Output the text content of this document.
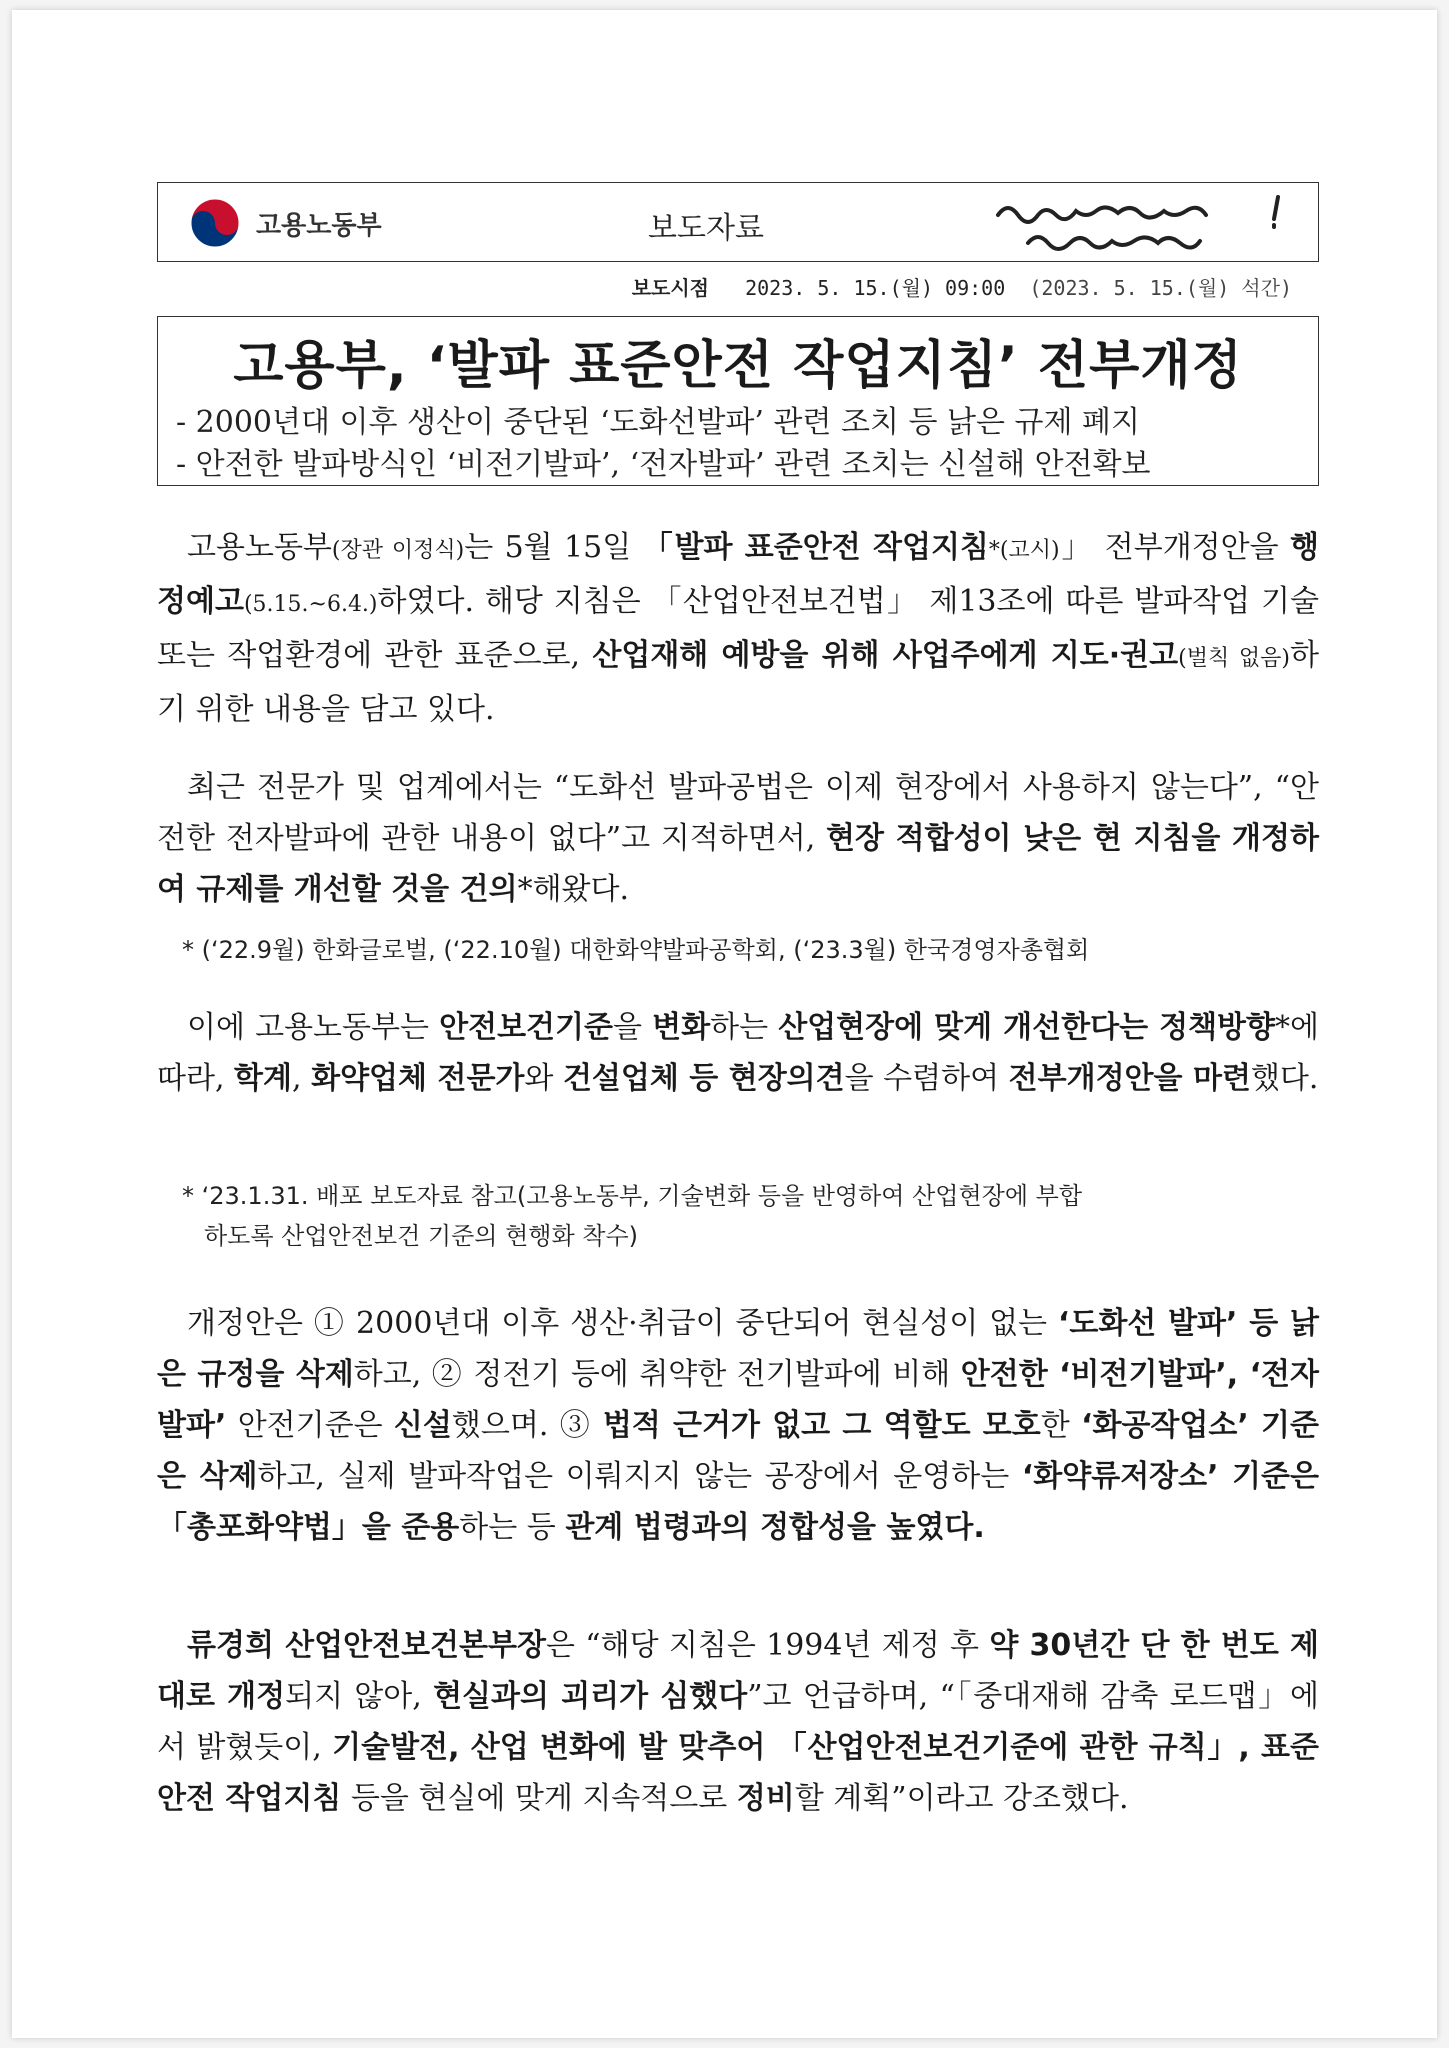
고용노동부	보도자료
보도시점 2023. 5. 15.(월) 09:00 (2023. 5. 15.(월) 석간)
고용부, ‘발파 표준안전 작업지침’ 전부개정
- 2000년대 이후 생산이 중단된 ‘도화선발파’ 관련 조치 등 낡은 규제 폐지
- 안전한 발파방식인 ‘비전기발파’, ‘전자발파’ 관련 조치는 신설해 안전확보
고용노동부(장관 이정식)는 5월 15일 「발파 표준안전 작업지침*(고시)」 전부개정안을 행정예고(5.15.~6.4.)하였다. 해당 지침은 「산업안전보건법」 제13조에 따른 발파작업 기술 또는 작업환경에 관한 표준으로, 산업재해 예방을 위해 사업주에게 지도·권고(벌칙 없음)하기 위한 내용을 담고 있다.
최근 전문가 및 업계에서는 “도화선 발파공법은 이제 현장에서 사용하지 않는다”, “안전한 전자발파에 관한 내용이 없다”고 지적하면서, 현장 적합성이 낮은 현 지침을 개정하여 규제를 개선할 것을 건의*해왔다.
* (‘22.9월) 한화글로벌, (‘22.10월) 대한화약발파공학회, (‘23.3월) 한국경영자총협회
이에 고용노동부는 안전보건기준을 변화하는 산업현장에 맞게 개선한다는 정책방향*에 따라, 학계, 화약업체 전문가와 건설업체 등 현장의견을 수렴하여 전부개정안을 마련했다.
* ‘23.1.31. 배포 보도자료 참고(고용노동부, 기술변화 등을 반영하여 산업현장에 부합
하도록 산업안전보건 기준의 현행화 착수)
개정안은 ① 2000년대 이후 생산·취급이 중단되어 현실성이 없는 ‘도화선 발파’ 등 낡은 규정을 삭제하고, ② 정전기 등에 취약한 전기발파에 비해 안전한 ‘비전기발파’, ‘전자발파’ 안전기준은 신설했으며. ③ 법적 근거가 없고 그 역할도 모호한 ‘화공작업소’ 기준은 삭제하고, 실제 발파작업은 이뤄지지 않는 공장에서 운영하는 ‘화약류저장소’ 기준은 「총포화약법」을 준용하는 등 관계 법령과의 정합성을 높였다.
류경희 산업안전보건본부장은 “해당 지침은 1994년 제정 후 약 30년간 단 한 번도 제대로 개정되지 않아, 현실과의 괴리가 심했다”고 언급하며, “「중대재해 감축 로드맵」에서 밝혔듯이, 기술발전, 산업 변화에 발 맞추어 「산업안전보건기준에 관한 규칙」, 표준안전 작업지침 등을 현실에 맞게 지속적으로 정비할 계획”이라고 강조했다.
